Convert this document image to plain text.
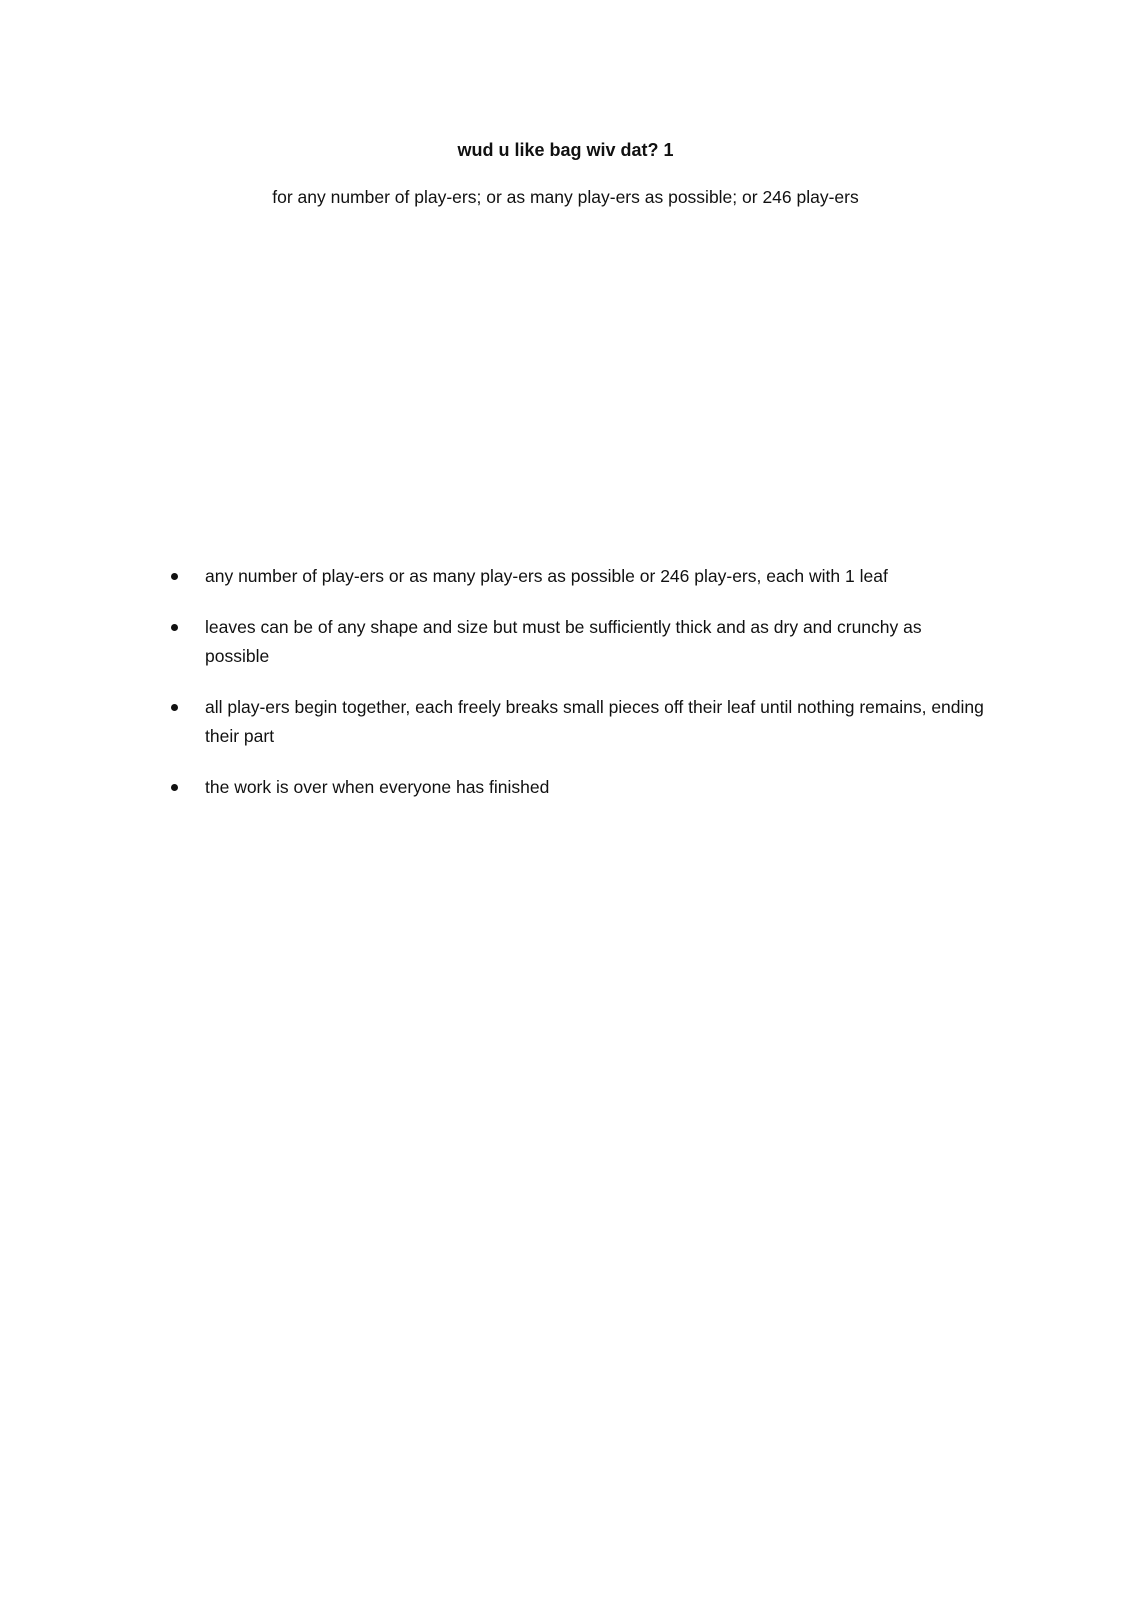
wud u like bag wiv dat? 1

for any number of play-ers; or as many play-ers as possible; or 246 play-ers

any number of play-ers or as many play-ers as possible or 246 play-ers, each with 1 leaf
leaves can be of any shape and size but must be sufficiently thick and as dry and crunchy as possible
all play-ers begin together, each freely breaks small pieces off their leaf until nothing remains, ending their part
the work is over when everyone has finished
